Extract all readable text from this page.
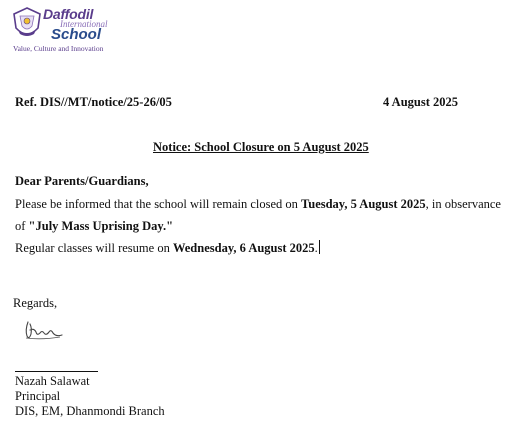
Daffodil
International
School
Value, Culture and Innovation
Ref. DIS//MT/notice/25-26/05	4 August 2025
Notice: School Closure on 5 August 2025
Dear Parents/Guardians,
Please be informed that the school will remain closed on Tuesday, 5 August 2025, in observance
of "July Mass Uprising Day."
Regular classes will resume on Wednesday, 6 August 2025.
Regards,
Nazah Salawat
Principal
DIS, EM, Dhanmondi Branch
